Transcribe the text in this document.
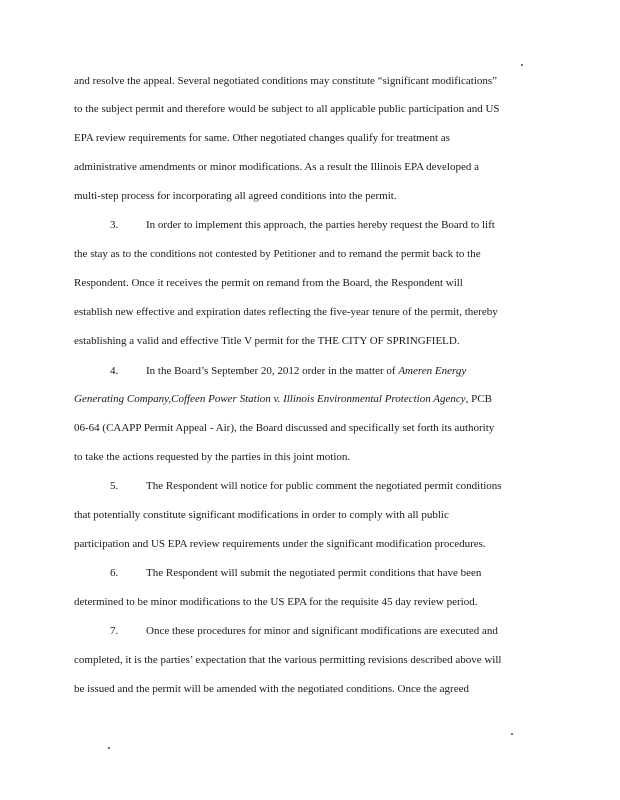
and resolve the appeal. Several negotiated conditions may constitute “significant modifications”
to the subject permit and therefore would be subject to all applicable public participation and US
EPA review requirements for same. Other negotiated changes qualify for treatment as
administrative amendments or minor modifications. As a result the Illinois EPA developed a
multi-step process for incorporating all agreed conditions into the permit.
3.	In order to implement this approach, the parties hereby request the Board to lift
the stay as to the conditions not contested by Petitioner and to remand the permit back to the
Respondent. Once it receives the permit on remand from the Board, the Respondent will
establish new effective and expiration dates reflecting the five-year tenure of the permit, thereby
establishing a valid and effective Title V permit for the THE CITY OF SPRINGFIELD.
4.	In the Board’s September 20, 2012 order in the matter of Ameren Energy
Generating Company,Coffeen Power Station v. Illinois Environmental Protection Agency, PCB
06-64 (CAAPP Permit Appeal - Air), the Board discussed and specifically set forth its authority
to take the actions requested by the parties in this joint motion.
5.	The Respondent will notice for public comment the negotiated permit conditions
that potentially constitute significant modifications in order to comply with all public
participation and US EPA review requirements under the significant modification procedures.
6.	The Respondent will submit the negotiated permit conditions that have been
determined to be minor modifications to the US EPA for the requisite 45 day review period.
7.	Once these procedures for minor and significant modifications are executed and
completed, it is the parties’ expectation that the various permitting revisions described above will
be issued and the permit will be amended with the negotiated conditions. Once the agreed
